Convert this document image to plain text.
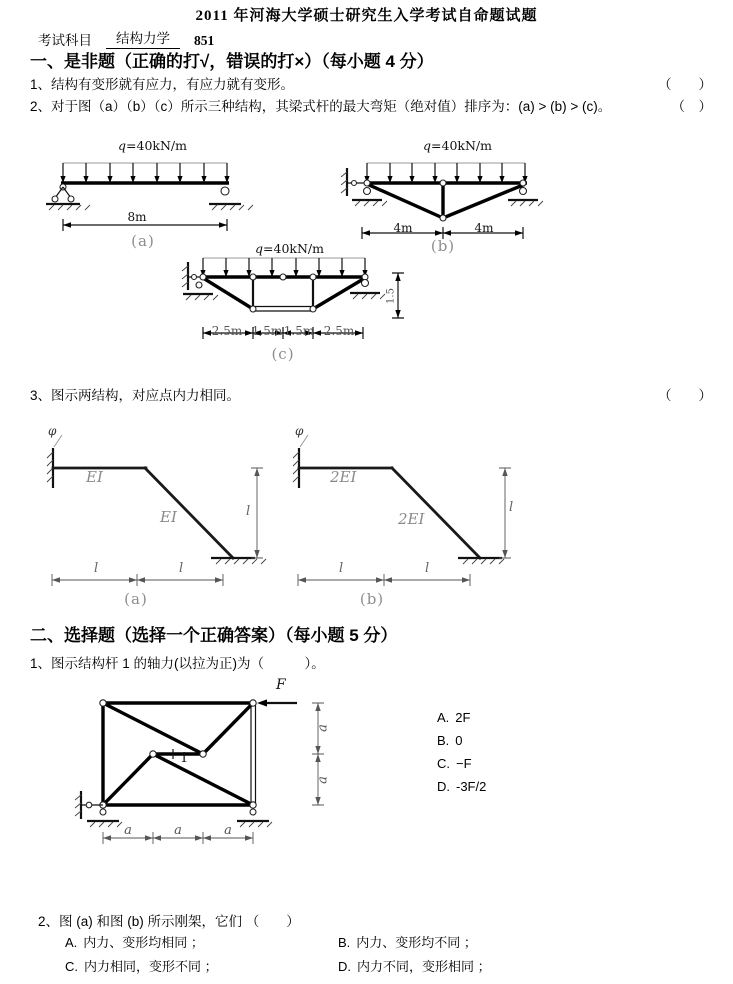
2011 年河海大学硕士研究生入学考试自命题试题
考试科目	结构力学	851
一、是非题（正确的打√，错误的打×）（每小题 4 分）
1、结构有变形就有应力，有应力就有变形。	（　　）
2、对于图（a）（b）（c）所示三种结构，其梁式杆的最大弯矩（绝对值）排序为：(a) > (b) > (c)。	（　）
q=40kN/m
8m
(a)
q=40kN/m
4m	4m
(b)
q=40kN/m
2.5m 1.5m 1.5m 2.5m
1.5
(c)
3、图示两结构，对应点内力相同。	（　　）
φ
EI
EI	l
l	l
(a)
φ
2EI
2EI
l
l	l
(b)
二、选择题（选择一个正确答案）（每小题 5 分）
1、图示结构杆 1 的轴力(以拉为正)为（　　　）。
F
1
a	a	a
a
a
A. 2F
B. 0
C. −F
D. -3F/2
2、图 (a) 和图 (b) 所示刚架，它们 （　　）
A. 内力、变形均相同 ；	B. 内力、变形均不同 ；
C. 内力相同，变形不同 ；	D. 内力不同，变形相同 ；
